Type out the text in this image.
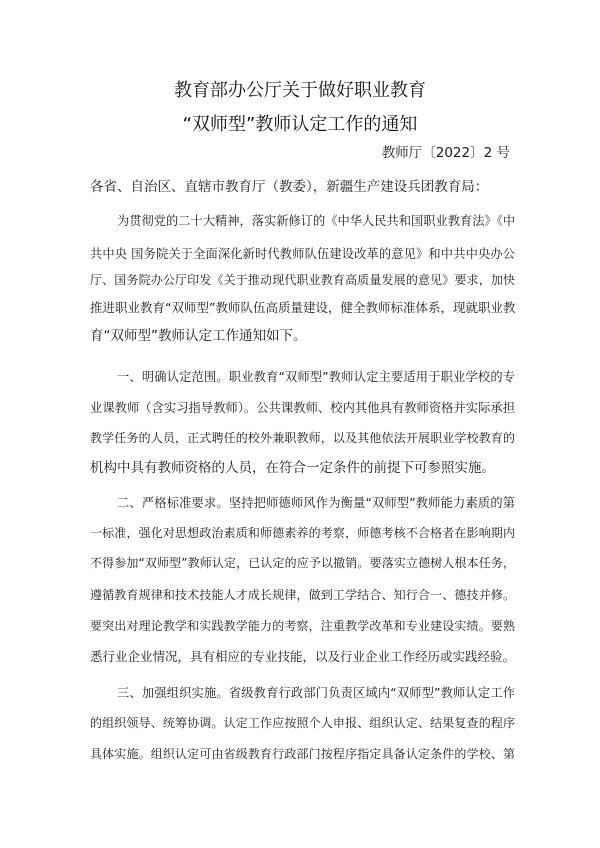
教育部办公厅关于做好职业教育
“双师型”教师认定工作的通知
教师厅〔2022〕2 号
各省、自治区、直辖市教育厅（教委），新疆生产建设兵团教育局：
为贯彻党的二十大精神，落实新修订的《中华人民共和国职业教育法》《中
共中央 国务院关于全面深化新时代教师队伍建设改革的意见》和中共中央办公
厅、国务院办公厅印发《关于推动现代职业教育高质量发展的意见》要求，加快
推进职业教育“双师型”教师队伍高质量建设，健全教师标准体系，现就职业教
育“双师型”教师认定工作通知如下。
一、明确认定范围。职业教育“双师型”教师认定主要适用于职业学校的专
业课教师（含实习指导教师）。公共课教师、校内其他具有教师资格并实际承担
教学任务的人员，正式聘任的校外兼职教师，以及其他依法开展职业学校教育的
机构中具有教师资格的人员，在符合一定条件的前提下可参照实施。
二、严格标准要求。坚持把师德师风作为衡量“双师型”教师能力素质的第
一标准，强化对思想政治素质和师德素养的考察，师德考核不合格者在影响期内
不得参加“双师型”教师认定，已认定的应予以撤销。要落实立德树人根本任务，
遵循教育规律和技术技能人才成长规律，做到工学结合、知行合一、德技并修。
要突出对理论教学和实践教学能力的考察，注重教学改革和专业建设实绩。要熟
悉行业企业情况，具有相应的专业技能，以及行业企业工作经历或实践经验。
三、加强组织实施。省级教育行政部门负责区域内“双师型”教师认定工作
的组织领导、统筹协调。认定工作应按照个人申报、组织认定、结果复查的程序
具体实施。组织认定可由省级教育行政部门按程序指定具备认定条件的学校、第
